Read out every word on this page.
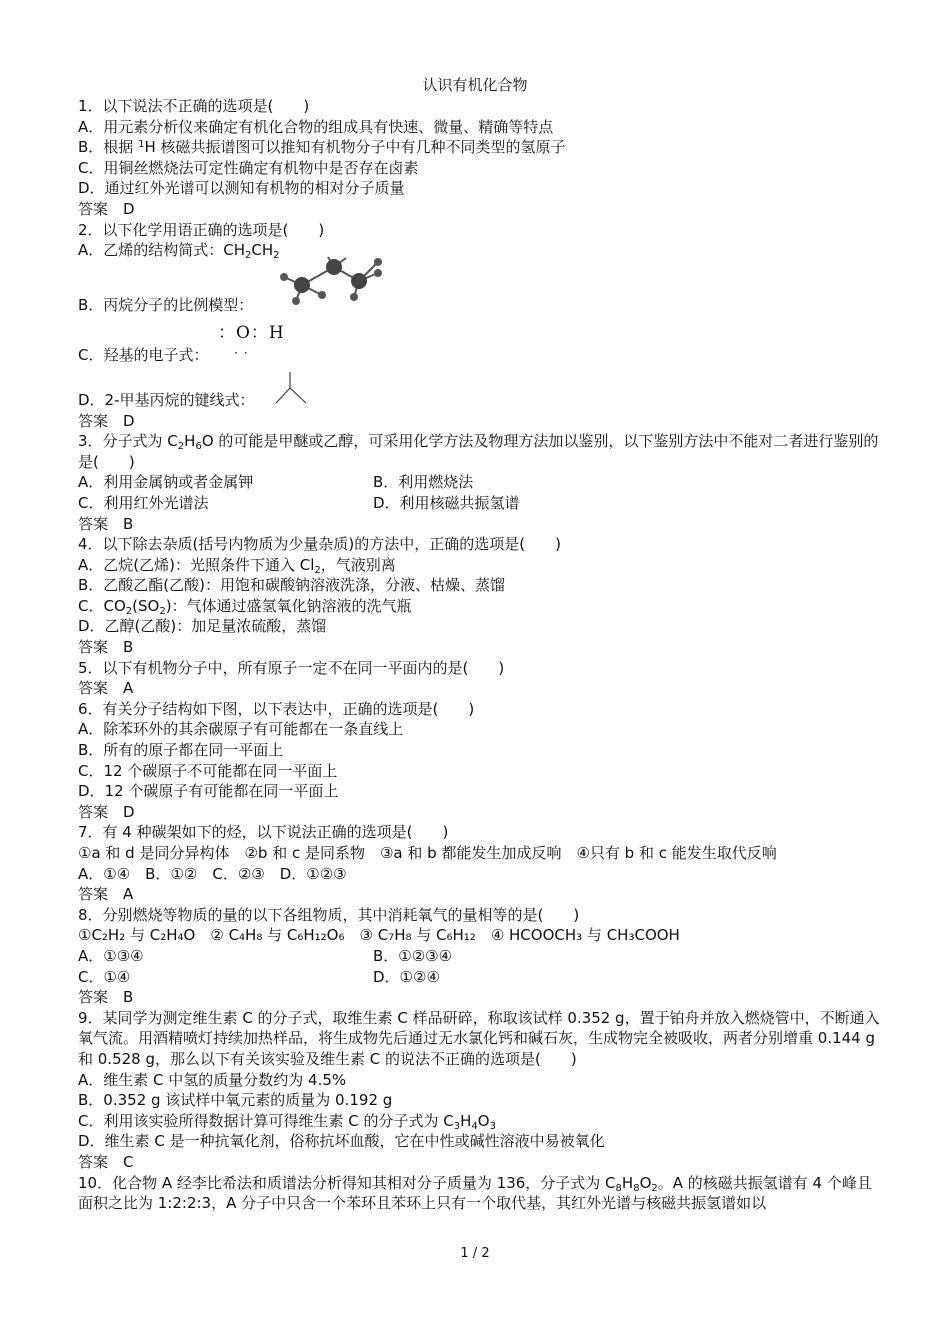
认识有机化合物
1．以下说法不正确的选项是(　　)
A．用元素分析仪来确定有机化合物的组成具有快速、微量、精确等特点
B．根据 $^1$H 核磁共振谱图可以推知有机物分子中有几种不同类型的氢原子
C．用铜丝燃烧法可定性确定有机物中是否存在卤素
D．通过红外光谱可以测知有机物的相对分子质量
答案　D
2．以下化学用语正确的选项是(　　)
A．乙烯的结构简式：$CH_2CH_2$
B．丙烷分子的比例模型：
C．羟基的电子式：
：O：H
··
D．2-甲基丙烷的键线式：
答案　D
3．分子式为 $C_2H_6O$ 的可能是甲醚或乙醇，可采用化学方法及物理方法加以鉴别，以下鉴别方法中不能对二者进行鉴别的是(　　)
A．利用金属钠或者金属钾	B．利用燃烧法
C．利用红外光谱法	D．利用核磁共振氢谱
答案　B
4．以下除去杂质(括号内物质为少量杂质)的方法中，正确的选项是(　　)
A．乙烷(乙烯)：光照条件下通入 $Cl_2$，气液别离
B．乙酸乙酯(乙酸)：用饱和碳酸钠溶液洗涤，分液、枯燥、蒸馏
C．$CO_2(SO_2)$：气体通过盛氢氧化钠溶液的洗气瓶
D．乙醇(乙酸)：加足量浓硫酸，蒸馏
答案　B
5．以下有机物分子中，所有原子一定不在同一平面内的是(　　)
答案　A
6．有关分子结构如下图，以下表达中，正确的选项是(　　)
A．除苯环外的其余碳原子有可能都在一条直线上
B．所有的原子都在同一平面上
C．12 个碳原子不可能都在同一平面上
D．12 个碳原子有可能都在同一平面上
答案　D
7．有 4 种碳架如下的烃，以下说法正确的选项是(　　)
①a 和 d 是同分异构体　②b 和 c 是同系物　③a 和 b 都能发生加成反响　④只有 b 和 c 能发生取代反响
A．①④　B．①②　C．②③　D．①②③
答案　A
8．分别燃烧等物质的量的以下各组物质，其中消耗氧气的量相等的是(　　)
①C₂H₂ 与 C₂H₄O　② C₄H₈ 与 C₆H₁₂O₆　③ C₇H₈ 与 C₆H₁₂　④ HCOOCH₃ 与 CH₃COOH
A．①③④	B．①②③④
C．①④	D．①②④
答案　B
9．某同学为测定维生素 C 的分子式，取维生素 C 样品研碎，称取该试样 0.352 g，置于铂舟并放入燃烧管中，不断通入氧气流。用酒精喷灯持续加热样品，将生成物先后通过无水氯化钙和碱石灰，生成物完全被吸收，两者分别增重 0.144 g 和 0.528 g，那么以下有关该实验及维生素 C 的说法不正确的选项是(　　)
A．维生素 C 中氢的质量分数约为 4.5%
B．0.352 g 该试样中氧元素的质量为 0.192 g
C．利用该实验所得数据计算可得维生素 C 的分子式为 $C_3H_4O_3$
D．维生素 C 是一种抗氧化剂，俗称抗坏血酸，它在中性或碱性溶液中易被氧化
答案　C
10．化合物 A 经李比希法和质谱法分析得知其相对分子质量为 136，分子式为 $C_8H_8O_2$。A 的核磁共振氢谱有 4 个峰且面积之比为 1:2:2:3，A 分子中只含一个苯环且苯环上只有一个取代基，其红外光谱与核磁共振氢谱如以
1 / 2
